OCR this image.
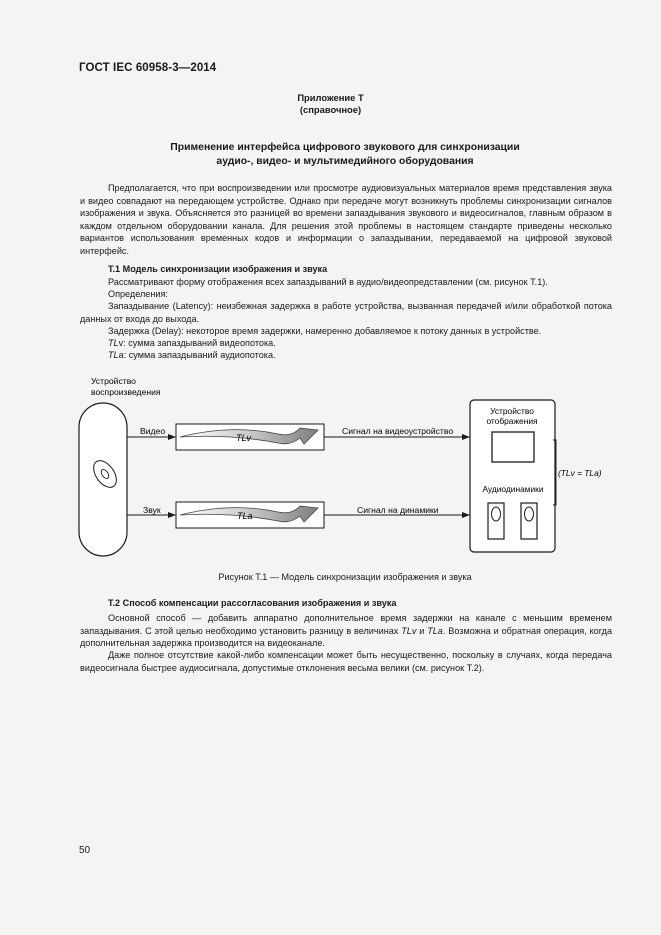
ГОСТ IEC 60958-3—2014
Приложение Т
(справочное)
Применение интерфейса цифрового звукового для синхронизации
аудио-, видео- и мультимедийного оборудования
Предполагается, что при воспроизведении или просмотре аудиовизуальных материалов время представления звука и видео совпадают на передающем устройстве. Однако при передаче могут возникнуть проблемы синхронизации сигналов изображения и звука. Объясняется это разницей во времени запаздывания звукового и видеосигналов, главным образом в каждом отдельном оборудовании канала. Для решения этой проблемы в настоящем стандарте приведены несколько вариантов использования временных кодов и информации о запаздывании, передаваемой на цифровой звуковой интерфейс.
Т.1 Модель синхронизации изображения и звука
Рассматривают форму отображения всех запаздываний в аудио/видеопредставлении (см. рисунок Т.1).
Определения:
Запаздывание (Latency): неизбежная задержка в работе устройства, вызванная передачей и/или обработкой потока данных от входа до выхода.
Задержка (Delay): некоторое время задержки, намеренно добавляемое к потоку данных в устройстве.
TLv: сумма запаздываний видеопотока.
TLa: сумма запаздываний аудиопотока.
Устройство
воспроизведения
Видео
TLv
Сигнал на видеоустройство
Звук
TLa
Сигнал на динамики
Устройство
отображения
Аудиодинамики
(TLv = TLa)
Рисунок Т.1 — Модель синхронизации изображения и звука
Т.2 Способ компенсации рассогласования изображения и звука
Основной способ — добавить аппаратно дополнительное время задержки на канале с меньшим временем запаздывания. С этой целью необходимо установить разницу в величинах TLv и TLa. Возможна и обратная операция, когда дополнительная задержка производится на видеоканале.
Даже полное отсутствие какой-либо компенсации может быть несущественно, поскольку в случаях, когда передача видеосигнала быстрее аудиосигнала, допустимые отклонения весьма велики (см. рисунок Т.2).
50
